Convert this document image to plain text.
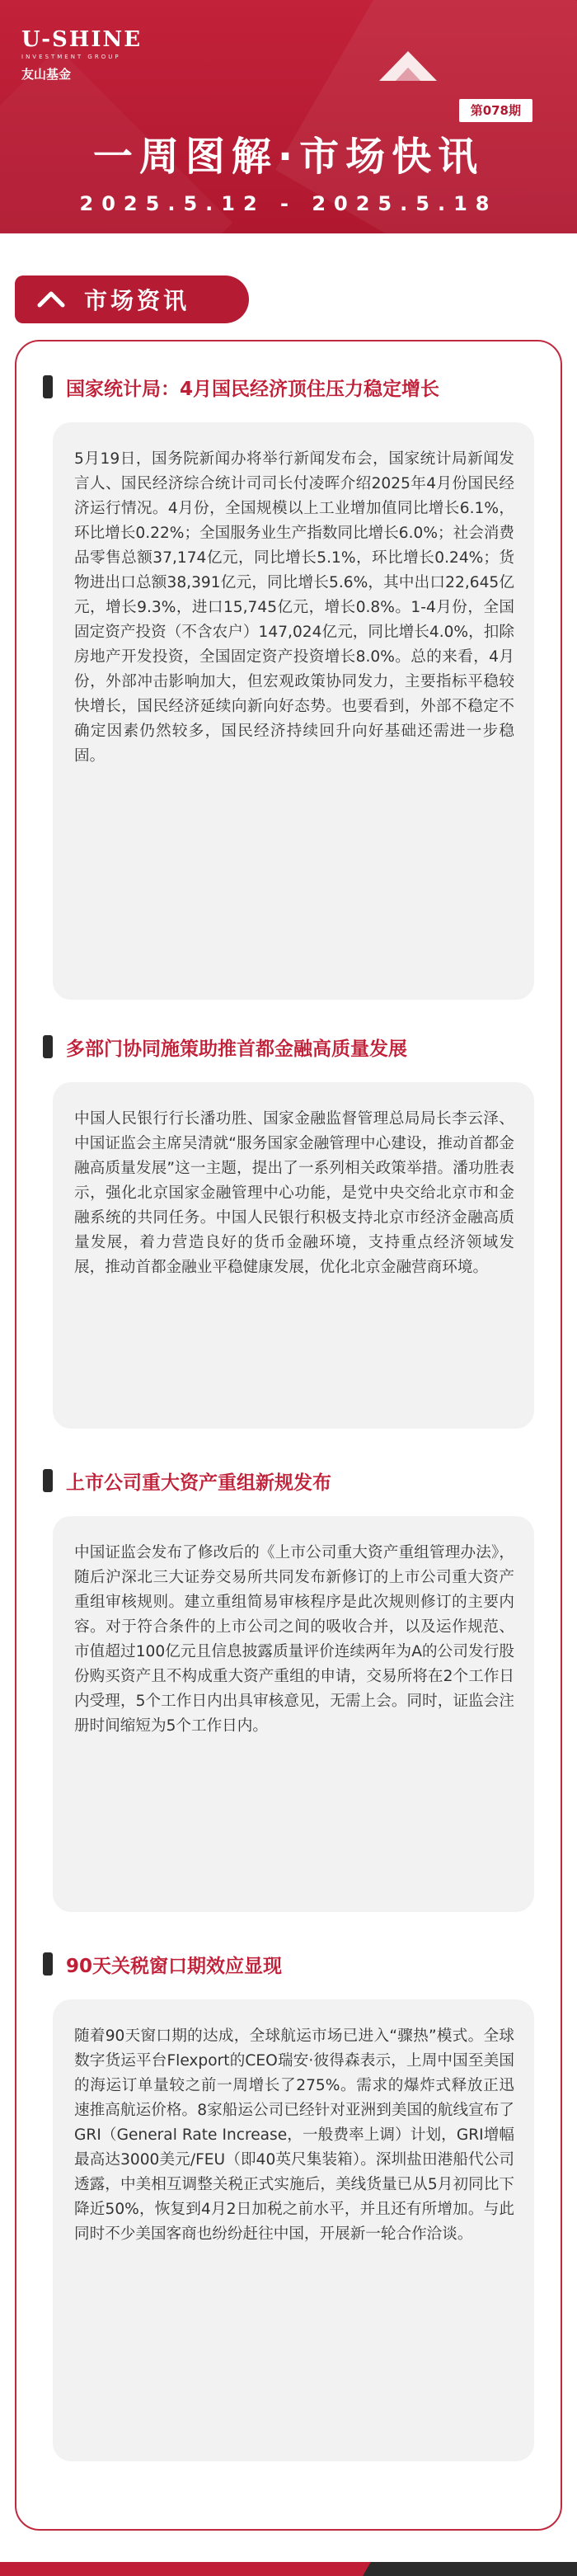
U-SHINE
INVESTMENT GROUP
友山基金
第078期
一周图解·市场快讯
2025.5.12 - 2025.5.18
市场资讯
国家统计局：4月国民经济顶住压力稳定增长

5月19日，国务院新闻办将举行新闻发布会，国家统计局新闻发言人、国民经济综合统计司司长付凌晖介绍2025年4月份国民经济运行情况。4月份，全国规模以上工业增加值同比增长6.1%，环比增长0.22%；全国服务业生产指数同比增长6.0%；社会消费品零售总额37,174亿元，同比增长5.1%，环比增长0.24%；货物进出口总额38,391亿元，同比增长5.6%，其中出口22,645亿元，增长9.3%，进口15,745亿元，增长0.8%。1-4月份，全国固定资产投资（不含农户）147,024亿元，同比增长4.0%，扣除房地产开发投资，全国固定资产投资增长8.0%。总的来看，4月份，外部冲击影响加大，但宏观政策协同发力，主要指标平稳较快增长，国民经济延续向新向好态势。也要看到，外部不稳定不确定因素仍然较多，国民经济持续回升向好基础还需进一步稳固。

多部门协同施策助推首都金融高质量发展

中国人民银行行长潘功胜、国家金融监督管理总局局长李云泽、中国证监会主席吴清就“服务国家金融管理中心建设，推动首都金融高质量发展”这一主题，提出了一系列相关政策举措。潘功胜表示，强化北京国家金融管理中心功能，是党中央交给北京市和金融系统的共同任务。中国人民银行积极支持北京市经济金融高质量发展，着力营造良好的货币金融环境，支持重点经济领域发展，推动首都金融业平稳健康发展，优化北京金融营商环境。

上市公司重大资产重组新规发布

中国证监会发布了修改后的《上市公司重大资产重组管理办法》，随后沪深北三大证券交易所共同发布新修订的上市公司重大资产重组审核规则。建立重组简易审核程序是此次规则修订的主要内容。对于符合条件的上市公司之间的吸收合并，以及运作规范、市值超过100亿元且信息披露质量评价连续两年为A的公司发行股份购买资产且不构成重大资产重组的申请，交易所将在2个工作日内受理，5个工作日内出具审核意见，无需上会。同时，证监会注册时间缩短为5个工作日内。

90天关税窗口期效应显现

随着90天窗口期的达成，全球航运市场已进入“骤热”模式。全球数字货运平台Flexport的CEO瑞安·彼得森表示，上周中国至美国的海运订单量较之前一周增长了275%。需求的爆炸式释放正迅速推高航运价格。8家船运公司已经针对亚洲到美国的航线宣布了GRI（General Rate Increase，一般费率上调）计划，GRI增幅最高达3000美元/FEU（即40英尺集装箱）。深圳盐田港船代公司透露，中美相互调整关税正式实施后，美线货量已从5月初同比下降近50%，恢复到4月2日加税之前水平，并且还有所增加。与此同时不少美国客商也纷纷赶往中国，开展新一轮合作洽谈。
